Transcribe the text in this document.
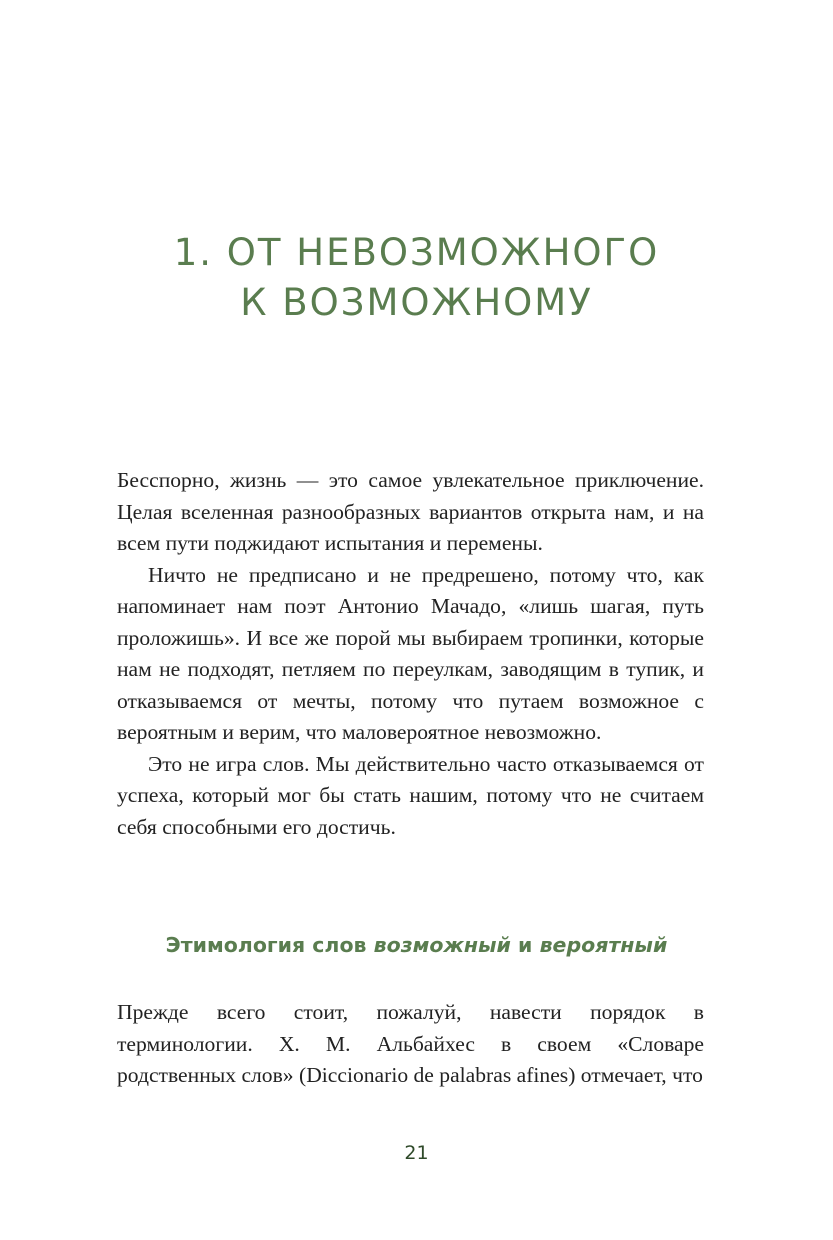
1. ОТ НЕВОЗМОЖНОГО
К ВОЗМОЖНОМУ

Бесспорно, жизнь — это самое увлекательное приключение. Целая вселенная разнообразных вариантов открыта нам, и на всем пути поджидают испытания и перемены.

Ничто не предписано и не предрешено, потому что, как напоминает нам поэт Антонио Мачадо, «лишь шагая, путь проложишь». И все же порой мы выбираем тропинки, которые нам не подходят, петляем по переулкам, заводящим в тупик, и отказываемся от мечты, потому что путаем возможное с вероятным и верим, что маловероятное невозможно.

Это не игра слов. Мы действительно часто отказываемся от успеха, который мог бы стать нашим, потому что не считаем себя способными его достичь.

Этимология слов возможный и вероятный

Прежде всего стоит, пожалуй, навести порядок в терминологии. Х. М. Альбайхес в своем «Словаре родственных слов» (Diccionario de palabras afines) отмечает, что

21
